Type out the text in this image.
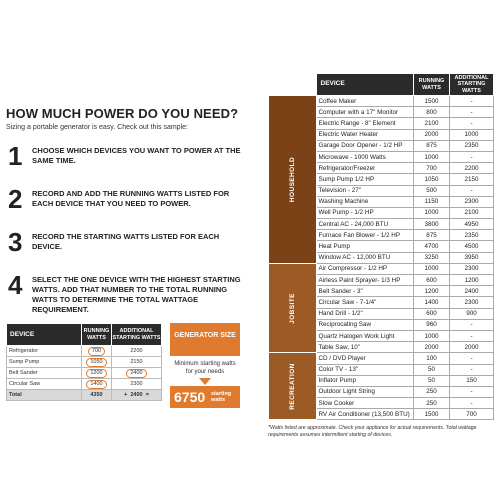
HOW MUCH POWER DO YOU NEED?
Sizing a portable generator is easy. Check out this sample:
1 CHOOSE WHICH DEVICES YOU WANT TO POWER AT THE SAME TIME.
2 RECORD AND ADD THE RUNNING WATTS LISTED FOR EACH DEVICE THAT YOU NEED TO POWER.
3 RECORD THE STARTING WATTS LISTED FOR EACH DEVICE.
4 SELECT THE ONE DEVICE WITH THE HIGHEST STARTING WATTS. ADD THAT NUMBER TO THE TOTAL RUNNING WATTS TO DETERMINE THE TOTAL WATTAGE REQUIREMENT.
DEVICE	RUNNING WATTS	ADDITIONAL STARTING WATTS
Refrigerator	700	2200
Sump Pump	1050	2150
Belt Sander	1200	2400
Circular Saw	1400	2300
Total	4350	+ 2400 =
GENERATOR SIZE
Minimum starting watts for your needs
6750 starting watts
	DEVICE	RUNNING WATTS	ADDITIONAL STARTING WATTS
HOUSEHOLD	Coffee Maker	1500	-
	Computer with a 17" Monitor	800	-
	Electric Range - 8" Element	2100	-
	Electric Water Heater	2000	1000
	Garage Door Opener - 1/2 HP	875	2350
	Microwave - 1000 Watts	1000	-
	Refrigerator/Freezer	700	2200
	Sump Pump 1/2 HP	1050	2150
	Television - 27"	500	-
	Washing Machine	1150	2300
	Well Pump - 1/2 HP	1000	2100
	Central AC - 24,000 BTU	3800	4950
	Furnace Fan Blower - 1/2 HP	875	2350
	Heat Pump	4700	4500
	Window AC - 12,000 BTU	3250	3950
JOBSITE	Air Compressor - 1/2 HP	1000	2300
	Airless Paint Sprayer- 1/3 HP	600	1200
	Belt Sander - 3"	1200	2400
	Circular Saw - 7-1/4"	1400	2300
	Hand Drill - 1/2"	600	900
	Reciprocating Saw	960	-
	Quartz Halogen Work Light	1000	-
	Table Saw, 10"	2000	2000
RECREATION	CD / DVD Player	100	-
	Color TV - 13"	50	-
	Inflator Pump	50	150
	Outdoor Light String	250	-
	Slow Cooker	250	-
	RV Air Conditioner (13,500 BTU)	1500	700
*Watts listed are approximate. Check your appliance for actual requirements. Total wattage requirements assumes intermittent starting of devices.
